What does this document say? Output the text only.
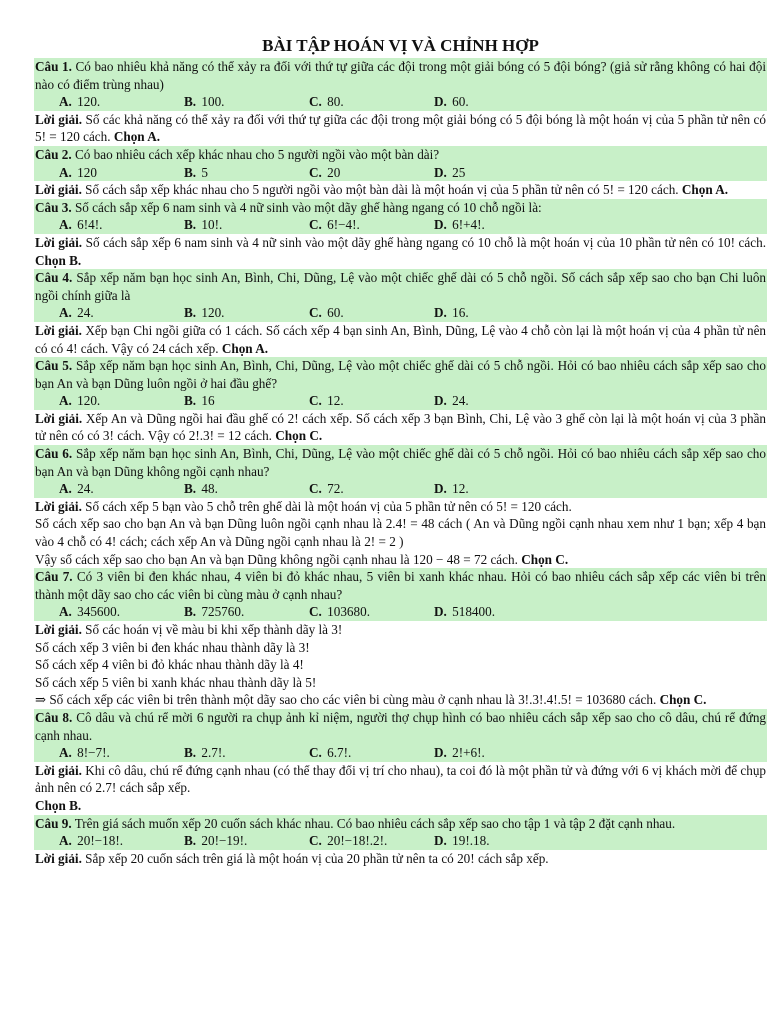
BÀI TẬP HOÁN VỊ VÀ CHỈNH HỢP

Câu 1. Có bao nhiêu khả năng có thể xảy ra đối với thứ tự giữa các đội trong một giải bóng có 5 đội bóng? (giả sử rằng không có hai đội nào có điểm trùng nhau)

A. 120.	B. 100.	C. 80.	D. 60.

Lời giải. Số các khả năng có thể xảy ra đối với thứ tự giữa các đội trong một giải bóng có 5 đội bóng là một hoán vị của 5 phần tử nên có 5! = 120 cách. Chọn A.

Câu 2. Có bao nhiêu cách xếp khác nhau cho 5 người ngồi vào một bàn dài?

A. 120	B. 5	C. 20	D. 25

Lời giải. Số cách sắp xếp khác nhau cho 5 người ngồi vào một bàn dài là một hoán vị của 5 phần tử nên có 5! = 120 cách. Chọn A.

Câu 3. Số cách sắp xếp 6 nam sinh và 4 nữ sinh vào một dãy ghế hàng ngang có 10 chỗ ngồi là:

A. 6!4!.	B. 10!.	C. 6!−4!.	D. 6!+4!.

Lời giải. Số cách sắp xếp 6 nam sinh và 4 nữ sinh vào một dãy ghế hàng ngang có 10 chỗ là một hoán vị của 10 phần tử nên có 10! cách. Chọn B.

Câu 4. Sắp xếp năm bạn học sinh An, Bình, Chi, Dũng, Lệ vào một chiếc ghế dài có 5 chỗ ngồi. Số cách sắp xếp sao cho bạn Chi luôn ngồi chính giữa là

A. 24.	B. 120.	C. 60.	D. 16.

Lời giải. Xếp bạn Chi ngồi giữa có 1 cách. Số cách xếp 4 bạn sinh An, Bình, Dũng, Lệ vào 4 chỗ còn lại là một hoán vị của 4 phần tử nên có có 4! cách. Vậy có 24 cách xếp. Chọn A.

Câu 5. Sắp xếp năm bạn học sinh An, Bình, Chi, Dũng, Lệ vào một chiếc ghế dài có 5 chỗ ngồi. Hỏi có bao nhiêu cách sắp xếp sao cho bạn An và bạn Dũng luôn ngồi ở hai đầu ghế?

A. 120.	B. 16	C. 12.	D. 24.

Lời giải. Xếp An và Dũng ngồi hai đầu ghế có 2! cách xếp. Số cách xếp 3 bạn Bình, Chi, Lệ vào 3 ghế còn lại là một hoán vị của 3 phần tử nên có có 3! cách. Vậy có 2!.3! = 12 cách. Chọn C.

Câu 6. Sắp xếp năm bạn học sinh An, Bình, Chi, Dũng, Lệ vào một chiếc ghế dài có 5 chỗ ngồi. Hỏi có bao nhiêu cách sắp xếp sao cho bạn An và bạn Dũng không ngồi cạnh nhau?

A. 24.	B. 48.	C. 72.	D. 12.

Lời giải. Số cách xếp 5 bạn vào 5 chỗ trên ghế dài là một hoán vị của 5 phần tử nên có 5! = 120 cách.

Số cách xếp sao cho bạn An và bạn Dũng luôn ngồi cạnh nhau là 2.4! = 48 cách ( An và Dũng ngồi cạnh nhau xem như 1 bạn; xếp 4 bạn vào 4 chỗ có 4! cách; cách xếp An và Dũng ngồi cạnh nhau là 2! = 2 )

Vậy số cách xếp sao cho bạn An và bạn Dũng không ngồi cạnh nhau là 120 − 48 = 72 cách. Chọn C.

Câu 7. Có 3 viên bi đen khác nhau, 4 viên bi đỏ khác nhau, 5 viên bi xanh khác nhau. Hỏi có bao nhiêu cách sắp xếp các viên bi trên thành một dãy sao cho các viên bi cùng màu ở cạnh nhau?

A. 345600.	B. 725760.	C. 103680.	D. 518400.

Lời giải. Số các hoán vị về màu bi khi xếp thành dãy là 3!

Số cách xếp 3 viên bi đen khác nhau thành dãy là 3!

Số cách xếp 4 viên bi đỏ khác nhau thành dãy là 4!

Số cách xếp 5 viên bi xanh khác nhau thành dãy là 5!

⇒ Số cách xếp các viên bi trên thành một dãy sao cho các viên bi cùng màu ở cạnh nhau là 3!.3!.4!.5! = 103680 cách. Chọn C.

Câu 8. Cô dâu và chú rể mời 6 người ra chụp ảnh kỉ niệm, người thợ chụp hình có bao nhiêu cách sắp xếp sao cho cô dâu, chú rể đứng cạnh nhau.

A. 8!−7!.	B. 2.7!.	C. 6.7!.	D. 2!+6!.

Lời giải. Khi cô dâu, chú rể đứng cạnh nhau (có thể thay đổi vị trí cho nhau), ta coi đó là một phần tử và đứng với 6 vị khách mời để chụp ảnh nên có 2.7! cách sắp xếp.

Chọn B.

Câu 9. Trên giá sách muốn xếp 20 cuốn sách khác nhau. Có bao nhiêu cách sắp xếp sao cho tập 1 và tập 2 đặt cạnh nhau.

A. 20!−18!.	B. 20!−19!.	C. 20!−18!.2!.	D. 19!.18.

Lời giải. Sắp xếp 20 cuốn sách trên giá là một hoán vị của 20 phần tử nên ta có 20! cách sắp xếp.
